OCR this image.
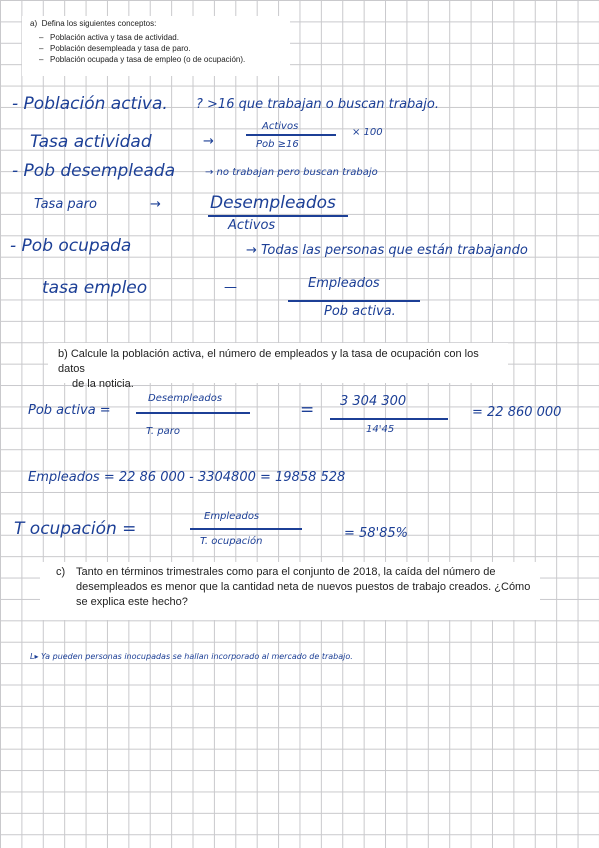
a) Defina los siguientes conceptos:
– Población activa y tasa de actividad.
– Población desempleada y tasa de paro.
– Población ocupada y tasa de empleo (o de ocupación).
- Población activa. ? >16 que trabajan o buscan trabajo.
Tasa actividad	→
Activos
Pob ≥16
× 100
- Pob desempleada	→ no trabajan pero buscan trabajo
Tasa paro	→	Desempleados
Activos
- Pob ocupada	→ Todas las personas que están trabajando
tasa empleo	—	Empleados
Pob activa.
b) Calcule la población activa, el número de empleados y la tasa de ocupación con los datos
de la noticia.
Pob activa =
Desempleados
T. paro
= 3 304 300
14'45
= 22 860 000
Empleados = 22 86 000 - 3304800 = 19858 528
T ocupación =
Empleados
T. ocupación
= 58'85%
c) Tanto en términos trimestrales como para el conjunto de 2018, la caída del número de desempleados es menor que la cantidad neta de nuevos puestos de trabajo creados. ¿Cómo se explica este hecho?
L▸ Ya pueden personas inocupadas se hallan incorporado al mercado de trabajo.
